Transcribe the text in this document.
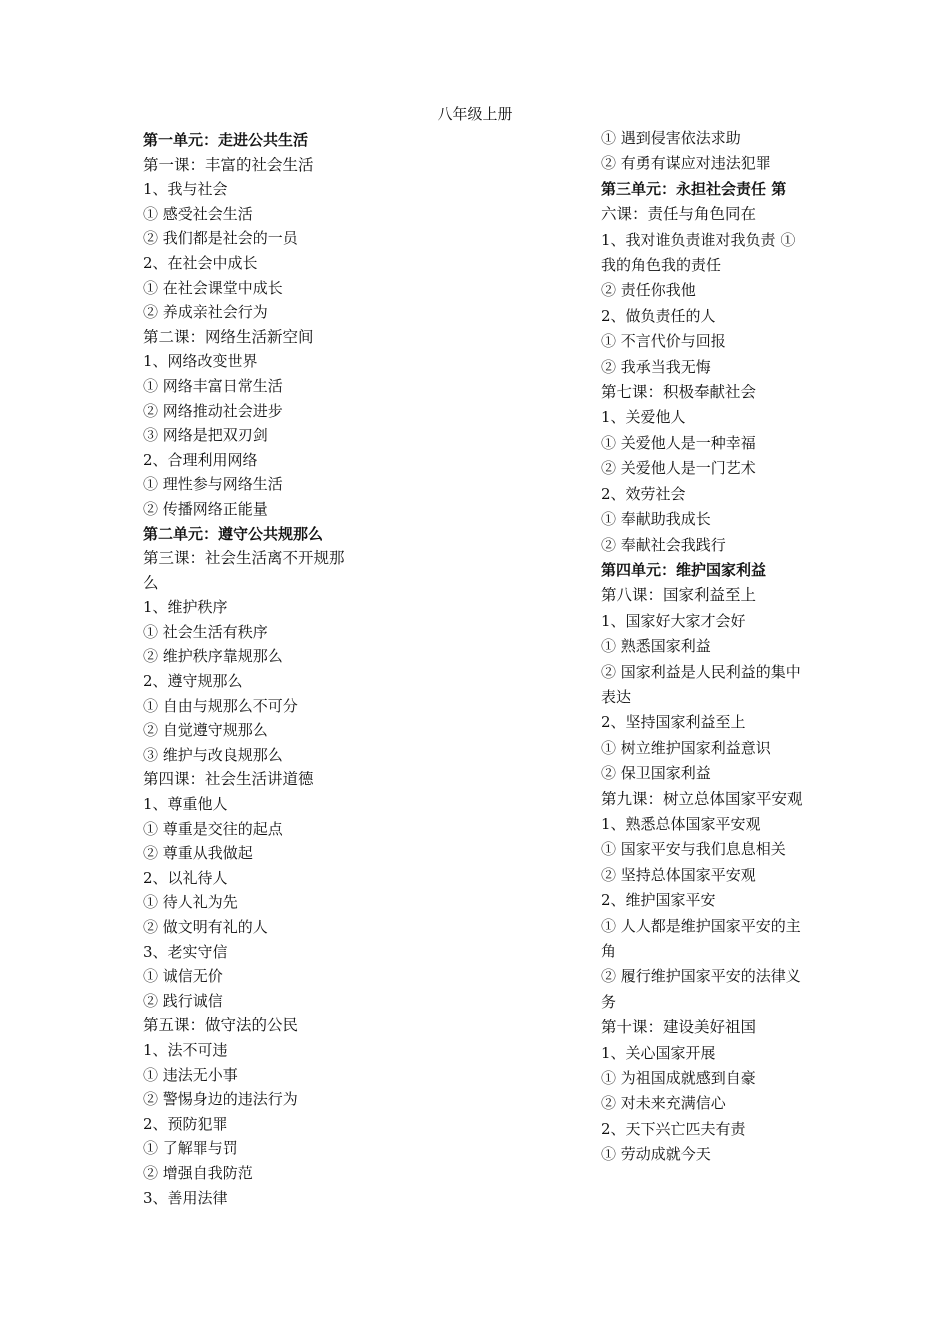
八年级上册
第一单元：走进公共生活
第一课：丰富的社会生活
1、我与社会
① 感受社会生活
② 我们都是社会的一员
2、在社会中成长
① 在社会课堂中成长
② 养成亲社会行为
第二课：网络生活新空间
1、网络改变世界
① 网络丰富日常生活
② 网络推动社会进步
③ 网络是把双刃剑
2、合理利用网络
① 理性参与网络生活
② 传播网络正能量
第二单元：遵守公共规那么
第三课：社会生活离不开规那
么
1、维护秩序
① 社会生活有秩序
② 维护秩序靠规那么
2、遵守规那么
① 自由与规那么不可分
② 自觉遵守规那么
③ 维护与改良规那么
第四课：社会生活讲道德
1、尊重他人
① 尊重是交往的起点
② 尊重从我做起
2、以礼待人
① 待人礼为先
② 做文明有礼的人
3、老实守信
① 诚信无价
② 践行诚信
第五课：做守法的公民
1、法不可违
① 违法无小事
② 警惕身边的违法行为
2、预防犯罪
① 了解罪与罚
② 增强自我防范
3、善用法律
① 遇到侵害依法求助
② 有勇有谋应对违法犯罪
第三单元：永担社会责任 第
六课：责任与角色同在
1、我对谁负责谁对我负责 ①
我的角色我的责任
② 责任你我他
2、做负责任的人
① 不言代价与回报
② 我承当我无悔
第七课：积极奉献社会
1、关爱他人
① 关爱他人是一种幸福
② 关爱他人是一门艺术
2、效劳社会
① 奉献助我成长
② 奉献社会我践行
第四单元：维护国家利益
第八课：国家利益至上
1、国家好大家才会好
① 熟悉国家利益
② 国家利益是人民利益的集中
表达
2、坚持国家利益至上
① 树立维护国家利益意识
② 保卫国家利益
第九课：树立总体国家平安观
1、熟悉总体国家平安观
① 国家平安与我们息息相关
② 坚持总体国家平安观
2、维护国家平安
① 人人都是维护国家平安的主
角
② 履行维护国家平安的法律义
务
第十课：建设美好祖国
1、关心国家开展
① 为祖国成就感到自豪
② 对未来充满信心
2、天下兴亡匹夫有责
① 劳动成就今天
